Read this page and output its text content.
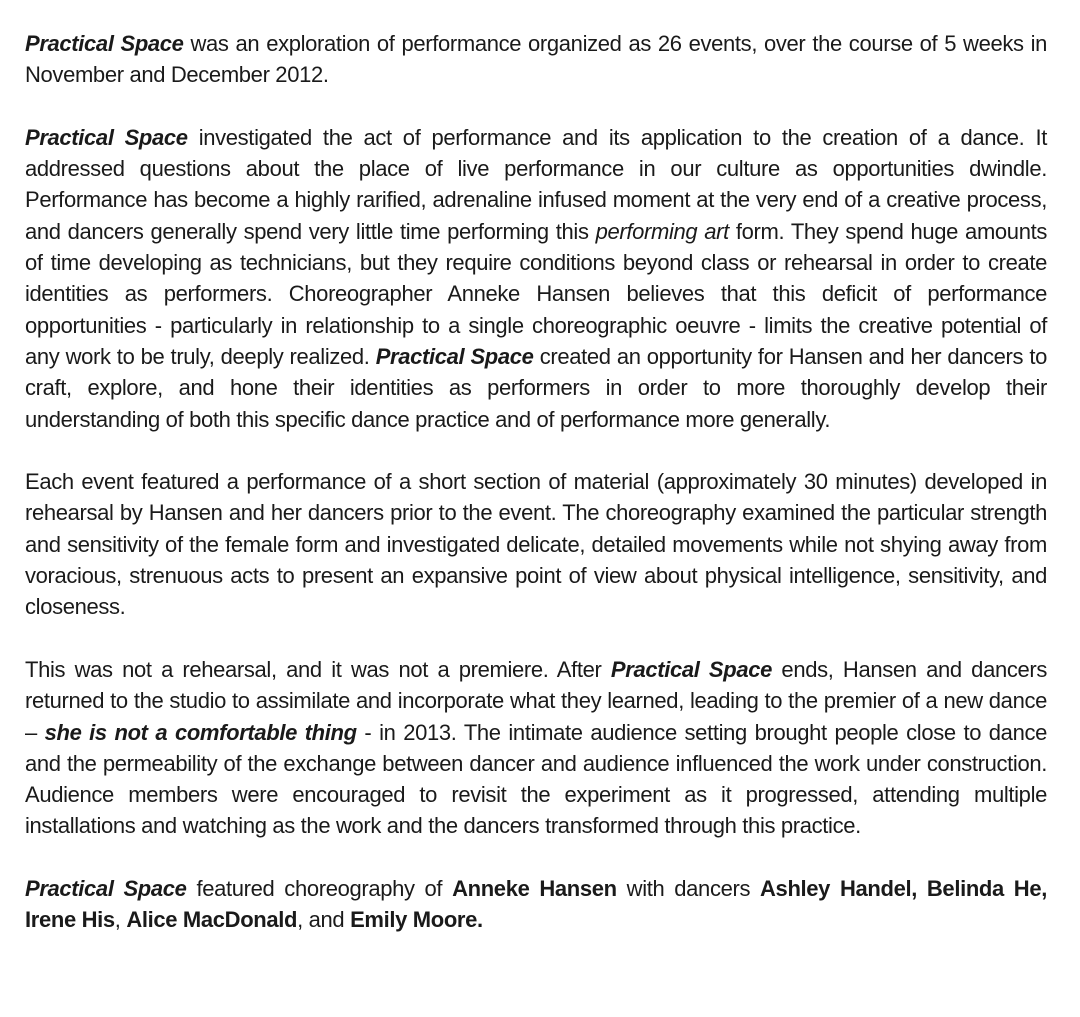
Practical Space was an exploration of performance organized as 26 events, over the course of 5 weeks in November and December 2012.

Practical Space investigated the act of performance and its application to the creation of a dance. It addressed questions about the place of live performance in our culture as opportunities dwindle. Performance has become a highly rarified, adrenaline infused moment at the very end of a creative process, and dancers generally spend very little time performing this performing art form. They spend huge amounts of time developing as technicians, but they require conditions beyond class or rehearsal in order to create identities as performers. Choreographer Anneke Hansen believes that this deficit of performance opportunities - particularly in relationship to a single choreographic oeuvre - limits the creative potential of any work to be truly, deeply realized. Practical Space created an opportunity for Hansen and her dancers to craft, explore, and hone their identities as performers in order to more thoroughly develop their understanding of both this specific dance practice and of performance more generally.

Each event featured a performance of a short section of material (approximately 30 minutes) developed in rehearsal by Hansen and her dancers prior to the event. The choreography examined the particular strength and sensitivity of the female form and investigated delicate, detailed movements while not shying away from voracious, strenuous acts to present an expansive point of view about physical intelligence, sensitivity, and closeness.

This was not a rehearsal, and it was not a premiere. After Practical Space ends, Hansen and dancers returned to the studio to assimilate and incorporate what they learned, leading to the premier of a new dance – she is not a comfortable thing - in 2013. The intimate audience setting brought people close to dance and the permeability of the exchange between dancer and audience influenced the work under construction. Audience members were encouraged to revisit the experiment as it progressed, attending multiple installations and watching as the work and the dancers transformed through this practice.

Practical Space featured choreography of Anneke Hansen with dancers Ashley Handel, Belinda He, Irene His, Alice MacDonald, and Emily Moore.
